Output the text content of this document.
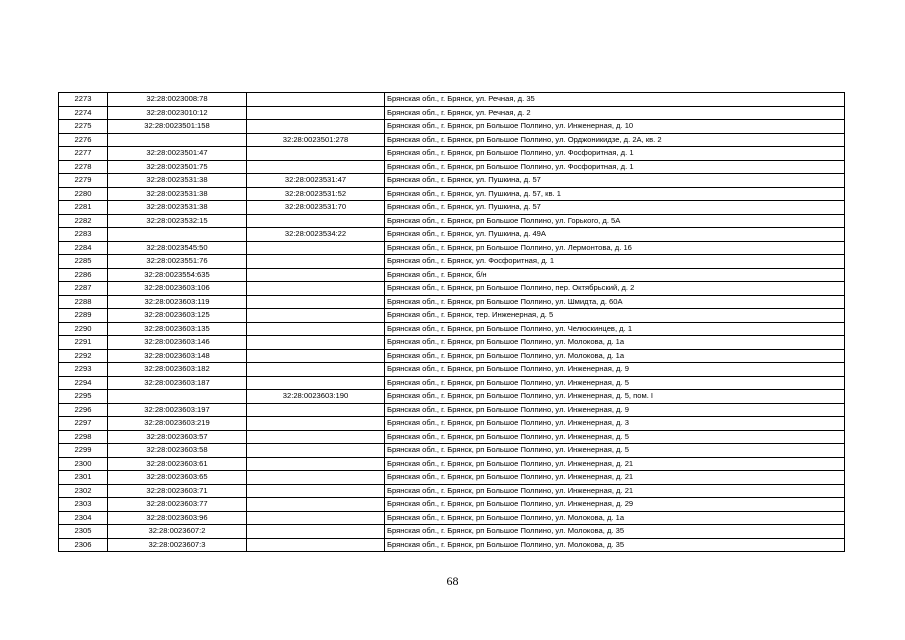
2273	32:28:0023008:78		Брянская обл., г. Брянск, ул. Речная, д. 35
2274	32:28:0023010:12		Брянская обл., г. Брянск, ул. Речная, д. 2
2275	32:28:0023501:158		Брянская обл., г. Брянск, рп Большое Полпино, ул. Инженерная, д. 10
2276		32:28:0023501:278	Брянская обл., г. Брянск, рп Большое Полпино, ул. Орджоникидзе, д. 2А, кв. 2
2277	32:28:0023501:47		Брянская обл., г. Брянск, рп Большое Полпино, ул. Фосфоритная, д. 1
2278	32:28:0023501:75		Брянская обл., г. Брянск, рп Большое Полпино, ул. Фосфоритная, д. 1
2279	32:28:0023531:38	32:28:0023531:47	Брянская обл., г. Брянск, ул. Пушкина, д. 57
2280	32:28:0023531:38	32:28:0023531:52	Брянская обл., г. Брянск, ул. Пушкина, д. 57, кв. 1
2281	32:28:0023531:38	32:28:0023531:70	Брянская обл., г. Брянск, ул. Пушкина, д. 57
2282	32:28:0023532:15		Брянская обл., г. Брянск, рп Большое Полпино, ул. Горького, д. 5А
2283		32:28:0023534:22	Брянская обл., г. Брянск, ул. Пушкина, д. 49А
2284	32:28:0023545:50		Брянская обл., г. Брянск, рп Большое Полпино, ул. Лермонтова, д. 16
2285	32:28:0023551:76		Брянская обл., г. Брянск, ул. Фосфоритная, д. 1
2286	32:28:0023554:635		Брянская обл., г. Брянск, б/н
2287	32:28:0023603:106		Брянская обл., г. Брянск, рп Большое Полпино, пер. Октябрьский, д. 2
2288	32:28:0023603:119		Брянская обл., г. Брянск, рп Большое Полпино, ул. Шмидта, д. 60А
2289	32:28:0023603:125		Брянская обл., г. Брянск, тер. Инженерная, д. 5
2290	32:28:0023603:135		Брянская обл., г. Брянск, рп Большое Полпино, ул. Челюскинцев, д. 1
2291	32:28:0023603:146		Брянская обл., г. Брянск, рп Большое Полпино, ул. Молокова, д. 1а
2292	32:28:0023603:148		Брянская обл., г. Брянск, рп Большое Полпино, ул. Молокова, д. 1а
2293	32:28:0023603:182		Брянская обл., г. Брянск, рп Большое Полпино, ул. Инженерная, д. 9
2294	32:28:0023603:187		Брянская обл., г. Брянск, рп Большое Полпино, ул. Инженерная, д. 5
2295		32:28:0023603:190	Брянская обл., г. Брянск, рп Большое Полпино, ул. Инженерная, д. 5, пом. I
2296	32:28:0023603:197		Брянская обл., г. Брянск, рп Большое Полпино, ул. Инженерная, д. 9
2297	32:28:0023603:219		Брянская обл., г. Брянск, рп Большое Полпино, ул. Инженерная, д. 3
2298	32:28:0023603:57		Брянская обл., г. Брянск, рп Большое Полпино, ул. Инженерная, д. 5
2299	32:28:0023603:58		Брянская обл., г. Брянск, рп Большое Полпино, ул. Инженерная, д. 5
2300	32:28:0023603:61		Брянская обл., г. Брянск, рп Большое Полпино, ул. Инженерная, д. 21
2301	32:28:0023603:65		Брянская обл., г. Брянск, рп Большое Полпино, ул. Инженерная, д. 21
2302	32:28:0023603:71		Брянская обл., г. Брянск, рп Большое Полпино, ул. Инженерная, д. 21
2303	32:28:0023603:77		Брянская обл., г. Брянск, рп Большое Полпино, ул. Инженерная, д. 29
2304	32:28:0023603:96		Брянская обл., г. Брянск, рп Большое Полпино, ул. Молокова, д. 1а
2305	32:28:0023607:2		Брянская обл., г. Брянск, рп Большое Полпино, ул. Молокова, д. 35
2306	32:28:0023607:3		Брянская обл., г. Брянск, рп Большое Полпино, ул. Молокова, д. 35
68
